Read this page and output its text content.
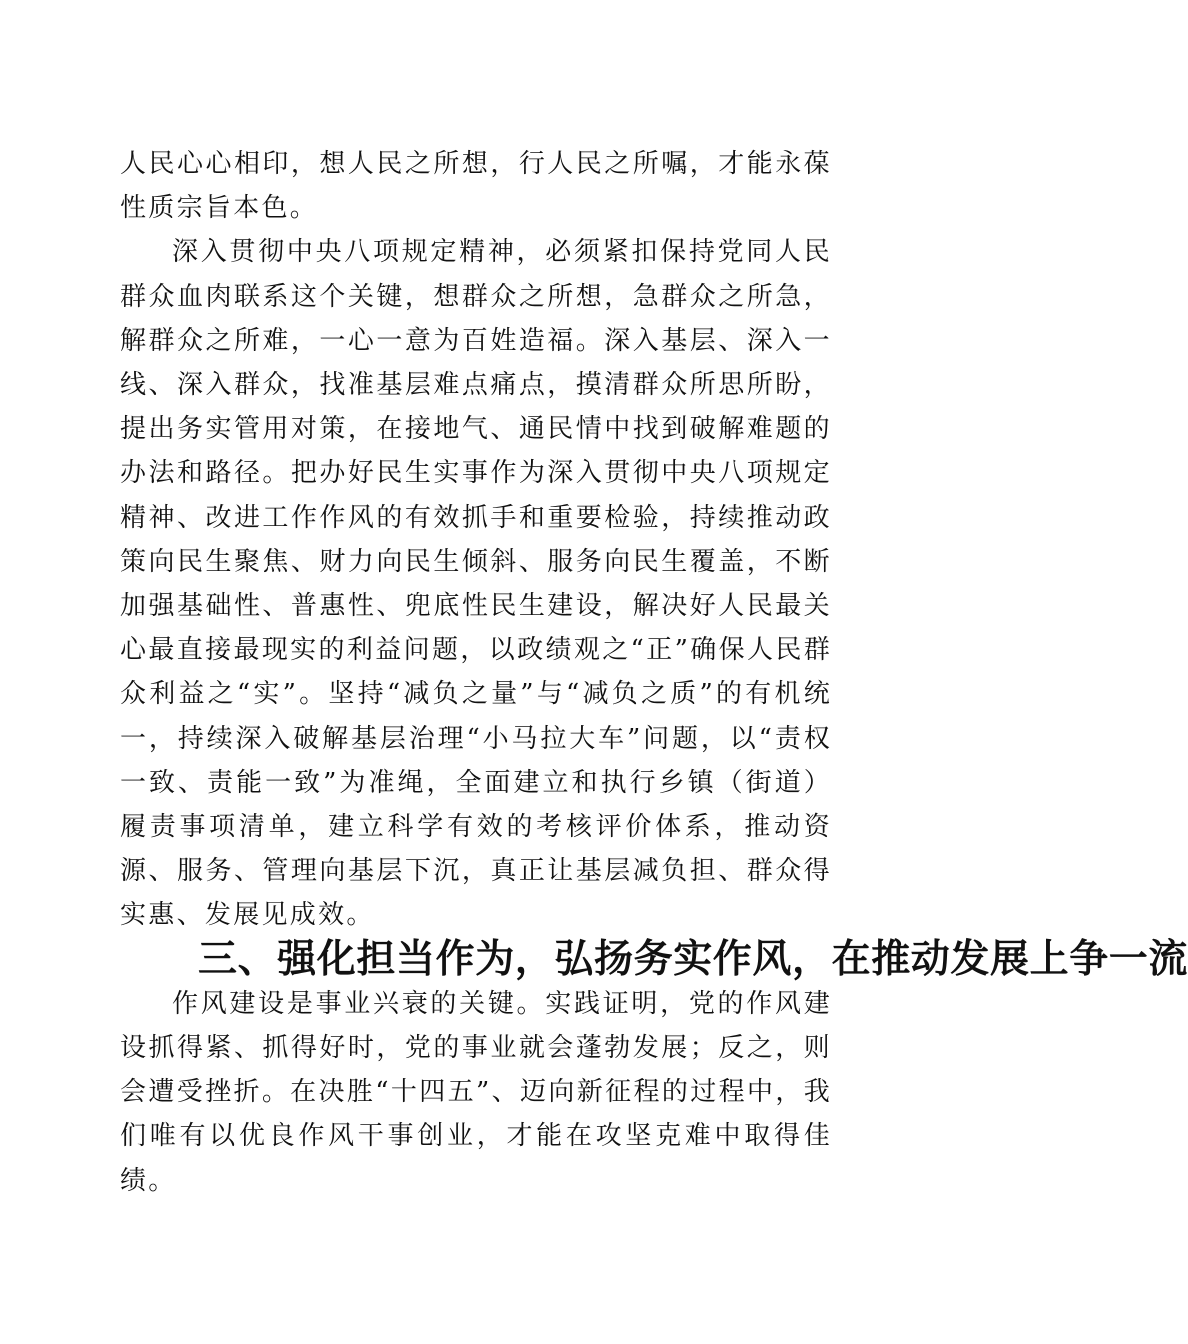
人民心心相印，想人民之所想，行人民之所嘱，才能永葆性质宗旨本色。

深入贯彻中央八项规定精神，必须紧扣保持党同人民群众血肉联系这个关键，想群众之所想，急群众之所急，解群众之所难，一心一意为百姓造福。深入基层、深入一线、深入群众，找准基层难点痛点，摸清群众所思所盼，提出务实管用对策，在接地气、通民情中找到破解难题的办法和路径。把办好民生实事作为深入贯彻中央八项规定精神、改进工作作风的有效抓手和重要检验，持续推动政策向民生聚焦、财力向民生倾斜、服务向民生覆盖，不断加强基础性、普惠性、兜底性民生建设，解决好人民最关心最直接最现实的利益问题，以政绩观之“正”确保人民群众利益之“实”。坚持“减负之量”与“减负之质”的有机统一，持续深入破解基层治理“小马拉大车”问题，以“责权一致、责能一致”为准绳，全面建立和执行乡镇（街道）履责事项清单，建立科学有效的考核评价体系，推动资源、服务、管理向基层下沉，真正让基层减负担、群众得实惠、发展见成效。

三、强化担当作为，弘扬务实作风，在推动发展上争一流

作风建设是事业兴衰的关键。实践证明，党的作风建设抓得紧、抓得好时，党的事业就会蓬勃发展；反之，则会遭受挫折。在决胜“十四五”、迈向新征程的过程中，我们唯有以优良作风干事创业，才能在攻坚克难中取得佳绩。
